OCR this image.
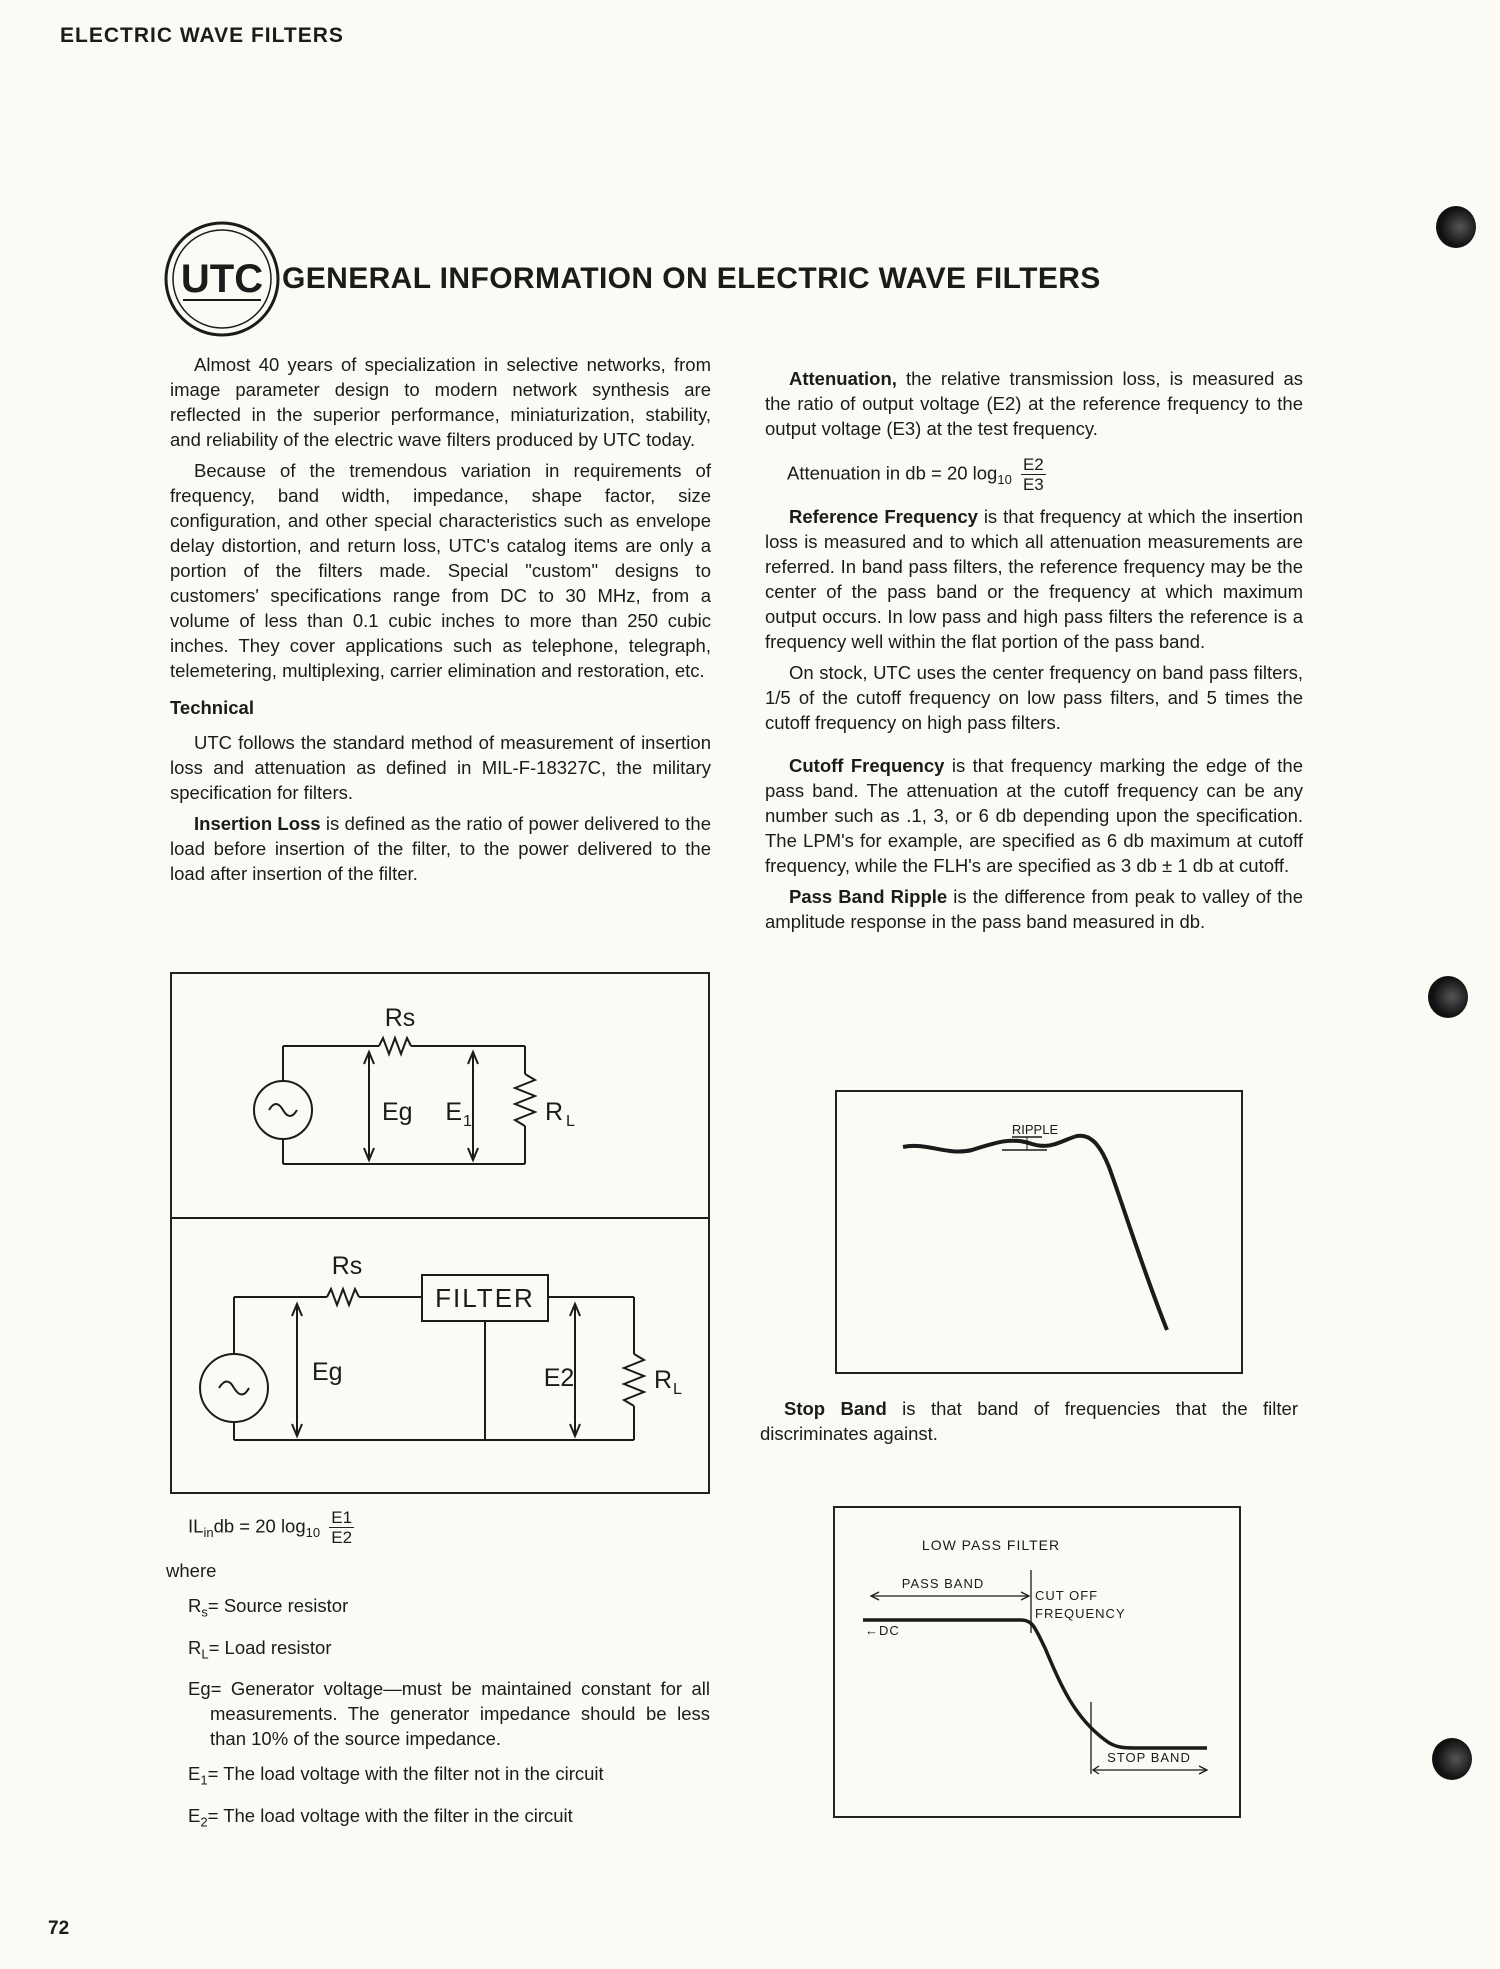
ELECTRIC WAVE FILTERS
UTC GENERAL INFORMATION ON ELECTRIC WAVE FILTERS

Almost 40 years of specialization in selective networks, from image parameter design to modern network synthesis are reflected in the superior performance, miniaturization, stability, and reliability of the electric wave filters produced by UTC today.

Because of the tremendous variation in requirements of frequency, band width, impedance, shape factor, size configuration, and other special characteristics such as envelope delay distortion, and return loss, UTC's catalog items are only a portion of the filters made. Special "custom" designs to customers' specifications range from DC to 30 MHz, from a volume of less than 0.1 cubic inches to more than 250 cubic inches. They cover applications such as telephone, telegraph, telemetering, multiplexing, carrier elimination and restoration, etc.

Technical

UTC follows the standard method of measurement of insertion loss and attenuation as defined in MIL-F-18327C, the military specification for filters.

Insertion Loss is defined as the ratio of power delivered to the load before insertion of the filter, to the power delivered to the load after insertion of the filter.

Rs
Eg E 1	R L
Rs
FILTER
Eg	E2	R L
$IL_{in}db = 20$ $\log_{10} \frac{E1}{E2}$
where
$R_s=$ Source resistor
$R_L=$ Load resistor
Eg= Generator voltage—must be maintained constant for all measurements. The generator impedance should be less than 10% of the source impedance.
$E_1=$ The load voltage with the filter not in the circuit
$E_2=$ The load voltage with the filter in the circuit

Attenuation, the relative transmission loss, is measured as the ratio of output voltage (E2) at the reference frequency to the output voltage (E3) at the test frequency.

Attenuation in db = 20 $\log_{10} \frac{E2}{E3}$

Reference Frequency is that frequency at which the insertion loss is measured and to which all attenuation measurements are referred. In band pass filters, the reference frequency may be the center of the pass band or the frequency at which maximum output occurs. In low pass and high pass filters the reference is a frequency well within the flat portion of the pass band.

On stock, UTC uses the center frequency on band pass filters, 1/5 of the cutoff frequency on low pass filters, and 5 times the cutoff frequency on high pass filters.

Cutoff Frequency is that frequency marking the edge of the pass band. The attenuation at the cutoff frequency can be any number such as .1, 3, or 6 db depending upon the specification. The LPM's for example, are specified as 6 db maximum at cutoff frequency, while the FLH's are specified as 3 db ± 1 db at cutoff.

Pass Band Ripple is the difference from peak to valley of the amplitude response in the pass band measured in db.

RIPPLE

Stop Band is that band of frequencies that the filter discriminates against.

LOW PASS FILTER
PASS BAND
CUT OFF
FREQUENCY
←DC
STOP BAND
72
